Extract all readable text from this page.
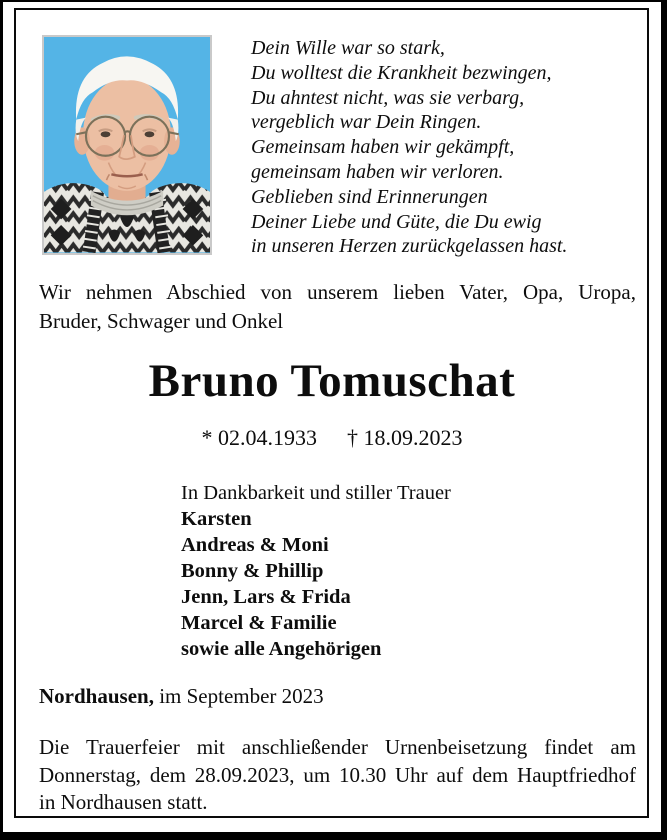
Dein Wille war so stark,
Du wolltest die Krankheit bezwingen,
Du ahntest nicht, was sie verbarg,
vergeblich war Dein Ringen.
Gemeinsam haben wir gekämpft,
gemeinsam haben wir verloren.
Geblieben sind Erinnerungen
Deiner Liebe und Güte, die Du ewig
in unseren Herzen zurückgelassen hast.
Wir nehmen Abschied von unserem lieben Vater, Opa, Uropa,
Bruder, Schwager und Onkel
Bruno Tomuschat
* 02.04.1933 † 18.09.2023
In Dankbarkeit und stiller Trauer
Karsten
Andreas & Moni
Bonny & Phillip
Jenn, Lars & Frida
Marcel & Familie
sowie alle Angehörigen
Nordhausen, im September 2023
Die Trauerfeier mit anschließender Urnenbeisetzung findet am
Donnerstag, dem 28.09.2023, um 10.30 Uhr auf dem Hauptfriedhof
in Nordhausen statt.
